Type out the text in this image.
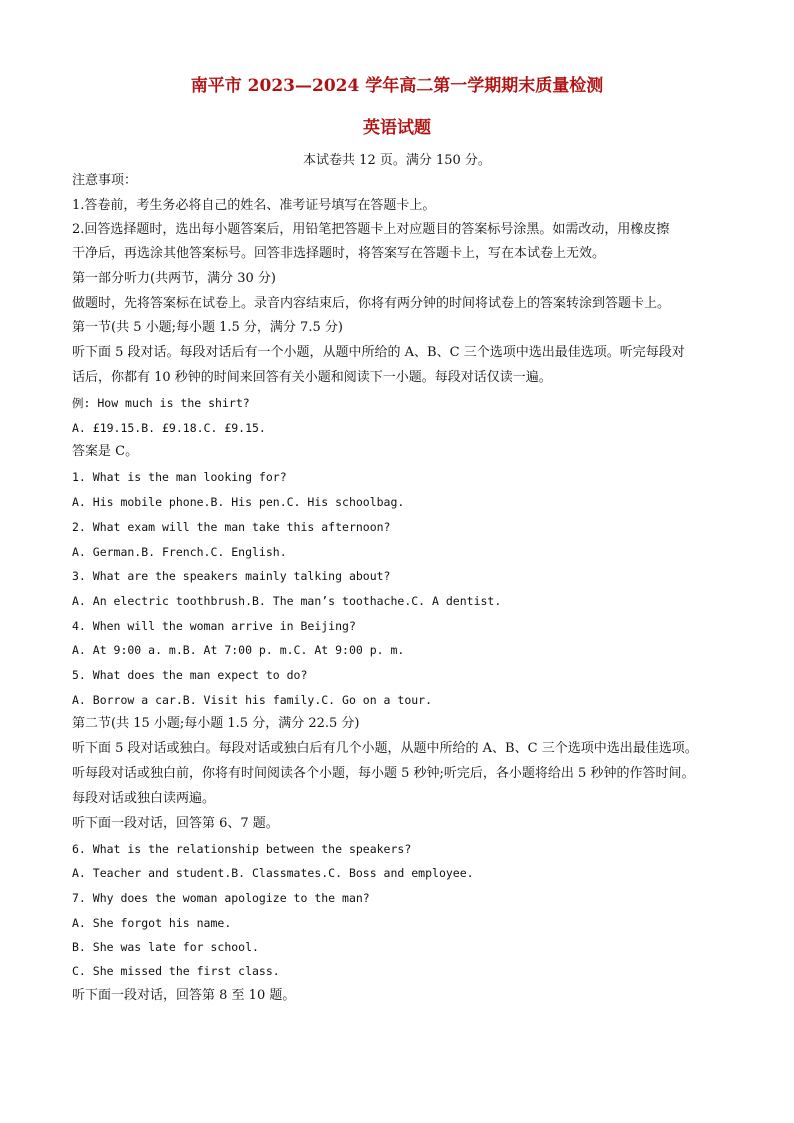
南平市 2023—2024 学年高二第一学期期末质量检测
英语试题
本试卷共 12 页。满分 150 分。
注意事项：
1.答卷前，考生务必将自己的姓名、准考证号填写在答题卡上。
2.回答选择题时，选出每小题答案后，用铅笔把答题卡上对应题目的答案标号涂黑。如需改动，用橡皮擦
干净后，再选涂其他答案标号。回答非选择题时，将答案写在答题卡上，写在本试卷上无效。
第一部分听力(共两节，满分 30 分)
做题时，先将答案标在试卷上。录音内容结束后，你将有两分钟的时间将试卷上的答案转涂到答题卡上。
第一节(共 5 小题;每小题 1.5 分，满分 7.5 分)
听下面 5 段对话。每段对话后有一个小题，从题中所给的 A、B、C 三个选项中选出最佳选项。听完每段对
话后，你都有 10 秒钟的时间来回答有关小题和阅读下一小题。每段对话仅读一遍。
例: How much is the shirt?
A. £19.15.B. £9.18.C. £9.15.
答案是 C。
1. What is the man looking for?
A. His mobile phone.B. His pen.C. His schoolbag.
2. What exam will the man take this afternoon?
A. German.B. French.C. English.
3. What are the speakers mainly talking about?
A. An electric toothbrush.B. The man’s toothache.C. A dentist.
4. When will the woman arrive in Beijing?
A. At 9:00 a. m.B. At 7:00 p. m.C. At 9:00 p. m.
5. What does the man expect to do?
A. Borrow a car.B. Visit his family.C. Go on a tour.
第二节(共 15 小题;每小题 1.5 分，满分 22.5 分)
听下面 5 段对话或独白。每段对话或独白后有几个小题，从题中所给的 A、B、C 三个选项中选出最佳选项。
听每段对话或独白前，你将有时间阅读各个小题，每小题 5 秒钟;听完后，各小题将给出 5 秒钟的作答时间。
每段对话或独白读两遍。
听下面一段对话，回答第 6、7 题。
6. What is the relationship between the speakers?
A. Teacher and student.B. Classmates.C. Boss and employee.
7. Why does the woman apologize to the man?
A. She forgot his name.
B. She was late for school.
C. She missed the first class.
听下面一段对话，回答第 8 至 10 题。
